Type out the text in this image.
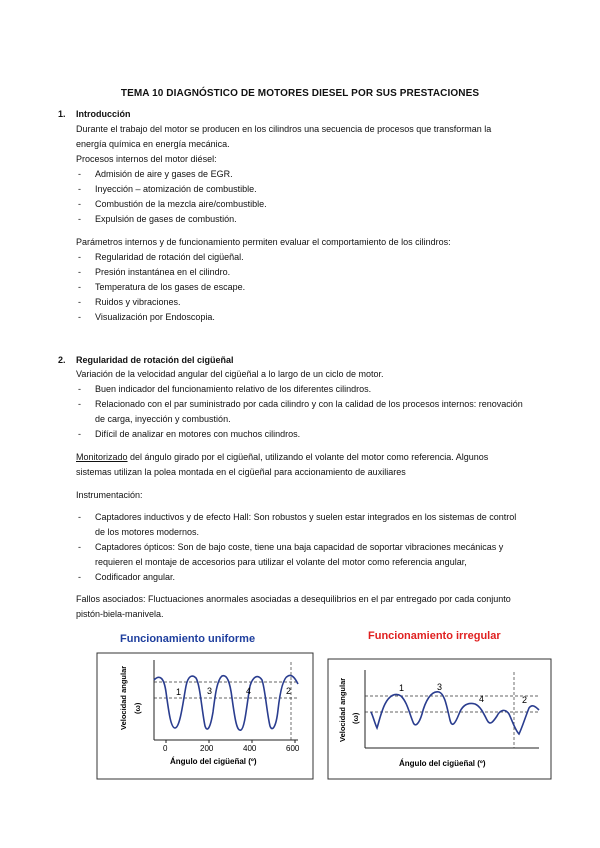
TEMA 10 DIAGNÓSTICO DE MOTORES DIESEL POR SUS PRESTACIONES
1. Introducción
Durante el trabajo del motor se producen en los cilindros una secuencia de procesos que transforman la
energía química en energía mecánica.
Procesos internos del motor diésel:
- Admisión de aire y gases de EGR.
- Inyección – atomización de combustible.
- Combustión de la mezcla aire/combustible.
- Expulsión de gases de combustión.
Parámetros internos y de funcionamiento permiten evaluar el comportamiento de los cilindros:
- Regularidad de rotación del cigüeñal.
- Presión instantánea en el cilindro.
- Temperatura de los gases de escape.
- Ruidos y vibraciones.
- Visualización por Endoscopia.
2. Regularidad de rotación del cigüeñal
Variación de la velocidad angular del cigüeñal a lo largo de un ciclo de motor.
- Buen indicador del funcionamiento relativo de los diferentes cilindros.
- Relacionado con el par suministrado por cada cilindro y con la calidad de los procesos internos: renovación
de carga, inyección y combustión.
- Difícil de analizar en motores con muchos cilindros.
Monitorizado del ángulo girado por el cigüeñal, utilizando el volante del motor como referencia. Algunos
sistemas utilizan la polea montada en el cigüeñal para accionamiento de auxiliares
Instrumentación:
- Captadores inductivos y de efecto Hall: Son robustos y suelen estar integrados en los sistemas de control
de los motores modernos.
- Captadores ópticos: Son de bajo coste, tiene una baja capacidad de soportar vibraciones mecánicas y
requieren el montaje de accesorios para utilizar el volante del motor como referencia angular,
- Codificador angular.
Fallos asociados: Fluctuaciones anormales asociadas a desequilibrios en el par entregado por cada conjunto
pistón-biela-manivela.
Funcionamiento uniforme
0	200	400	600
1	3	4	2
Velocidad angular (ω)
Ángulo del cigüeñal (º)
Funcionamiento irregular
1	3
4	2
Velocidad angular (ω)
Ángulo del cigüeñal (º)
